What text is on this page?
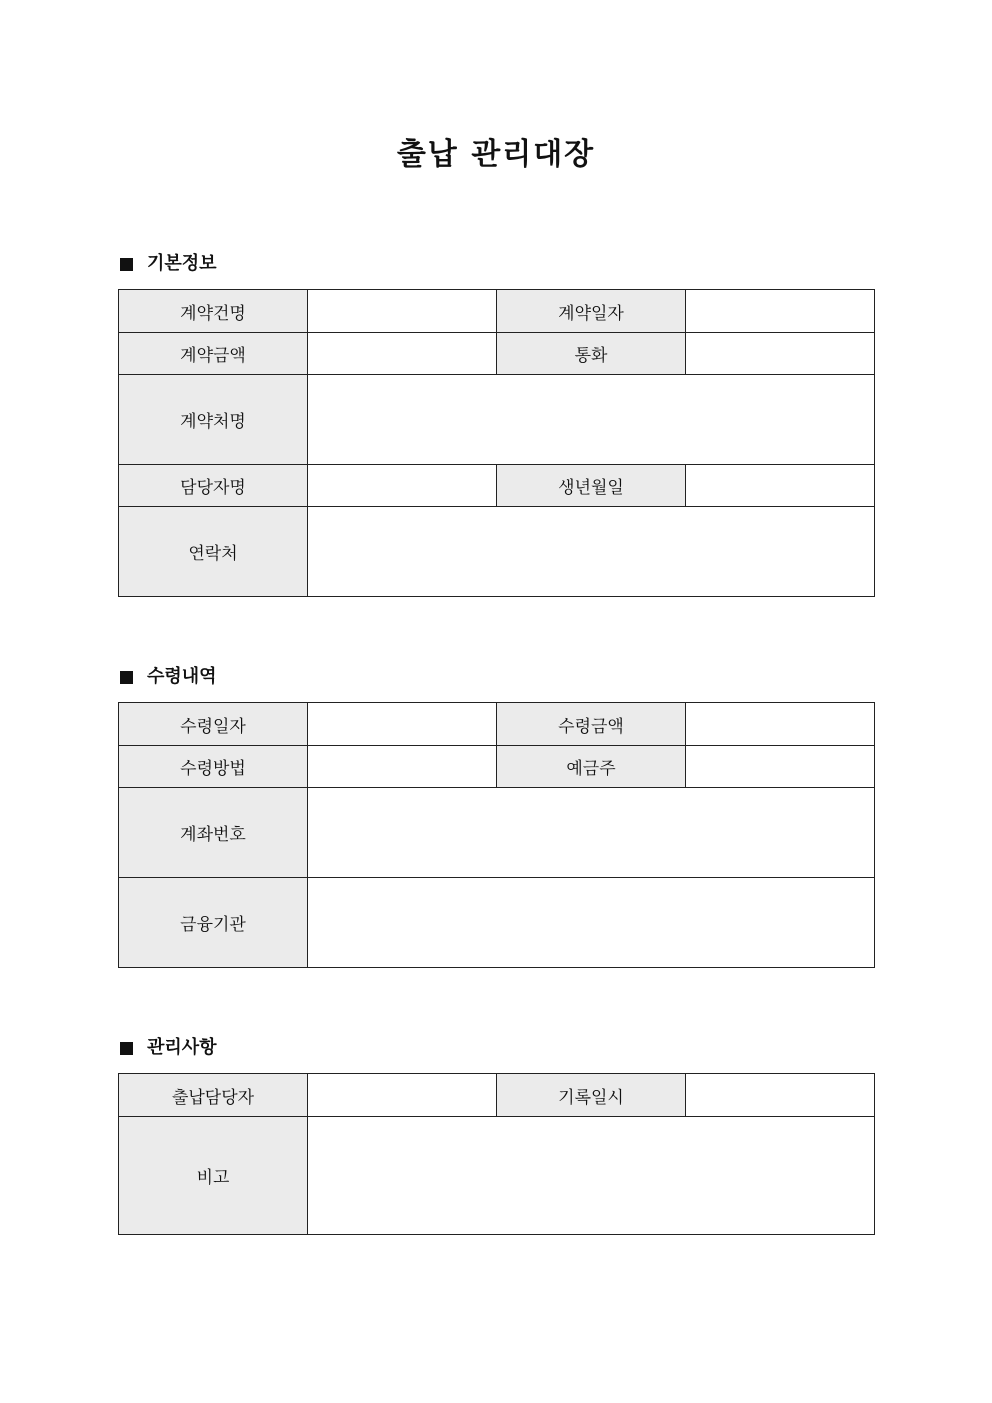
출납 관리대장
기본정보
계약건명		계약일자	
계약금액		통화	
계약처명			
담당자명		생년월일	
연락처			
수령내역
수령일자		수령금액	
수령방법		예금주	
계좌번호			
금융기관			
관리사항
출납담당자		기록일시	
비고			
